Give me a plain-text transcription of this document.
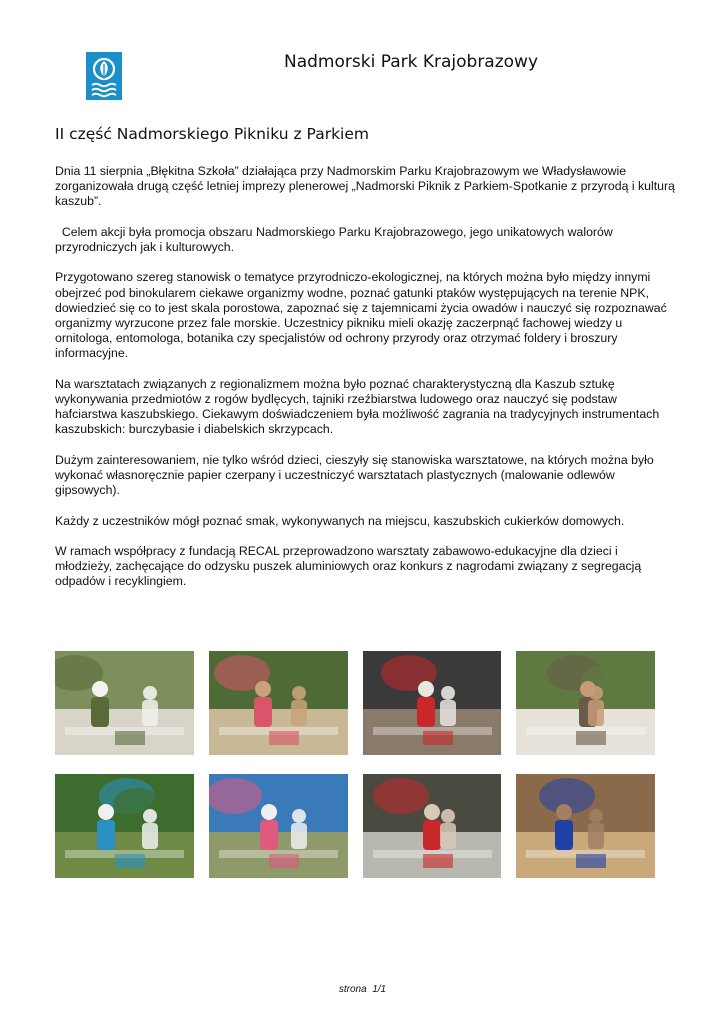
Nadmorski Park Krajobrazowy
II część Nadmorskiego Pikniku z Parkiem

Dnia 11 sierpnia „Błękitna Szkoła” działająca przy Nadmorskim Parku Krajobrazowym we Władysławowie zorganizowała drugą część letniej imprezy plenerowej „Nadmorski Piknik z Parkiem-Spotkanie z przyrodą i kulturą kaszub”.

Celem akcji była promocja obszaru Nadmorskiego Parku Krajobrazowego, jego unikatowych walorów przyrodniczych jak i kulturowych.

Przygotowano szereg stanowisk o tematyce przyrodniczo-ekologicznej, na których można było między innymi obejrzeć pod binokularem ciekawe organizmy wodne, poznać gatunki ptaków występujących na terenie NPK, dowiedzieć się co to jest skala porostowa, zapoznać się z tajemnicami życia owadów i nauczyć się rozpoznawać organizmy wyrzucone przez fale morskie. Uczestnicy pikniku mieli okazję zaczerpnąć fachowej wiedzy u ornitologa, entomologa, botanika czy specjalistów od ochrony przyrody oraz otrzymać foldery i broszury informacyjne.

Na warsztatach związanych z regionalizmem można było poznać charakterystyczną dla Kaszub sztukę wykonywania przedmiotów z rogów bydlęcych, tajniki rzeźbiarstwa ludowego oraz nauczyć się podstaw hafciarstwa kaszubskiego. Ciekawym doświadczeniem była możliwość zagrania na tradycyjnych instrumentach kaszubskich: burczybasie i diabelskich skrzypcach.

Dużym zainteresowaniem, nie tylko wśród dzieci, cieszyły się stanowiska warsztatowe, na których można było wykonać własnoręcznie papier czerpany i uczestniczyć warsztatach plastycznych (malowanie odlewów gipsowych).

Każdy z uczestników mógł poznać smak, wykonywanych na miejscu, kaszubskich cukierków domowych.

W ramach współpracy z fundacją RECAL przeprowadzono warsztaty zabawowo-edukacyjne dla dzieci i młodzieży, zachęcające do odzysku puszek aluminiowych oraz konkurs z nagrodami związany z segregacją odpadów i recyklingiem.

strona  1/1
